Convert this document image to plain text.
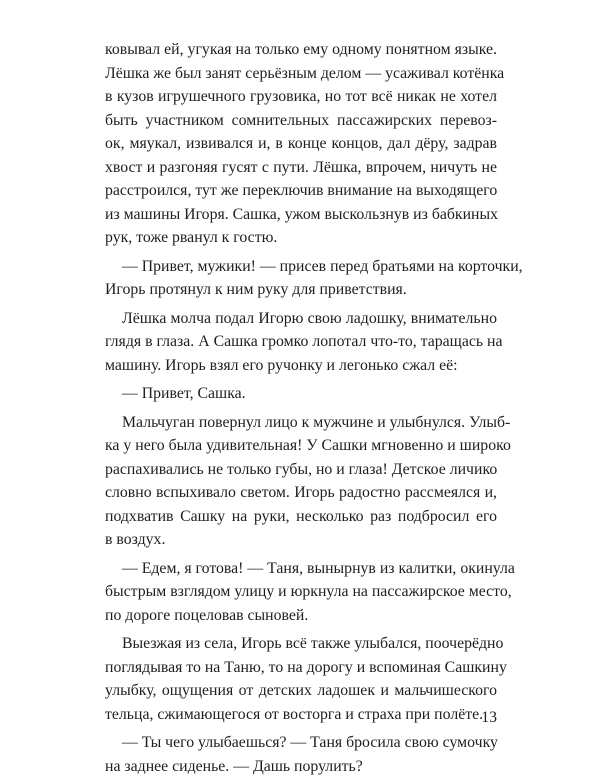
ковывал ей, угукая на только ему одному понятном языке.
Лёшка же был занят серьёзным делом — усаживал котёнка
в кузов игрушечного грузовика, но тот всё никак не хотел
быть участником сомнительных пассажирских перевоз-
ок, мяукал, извивался и, в конце концов, дал дёру, задрав
хвост и разгоняя гусят с пути. Лёшка, впрочем, ничуть не
расстроился, тут же переключив внимание на выходящего
из машины Игоря. Сашка, ужом выскользнув из бабкиных
рук, тоже рванул к гостю.
— Привет, мужики! — присев перед братьями на корточки,
Игорь протянул к ним руку для приветствия.
Лёшка молча подал Игорю свою ладошку, внимательно
глядя в глаза. А Сашка громко лопотал что-то, таращась на
машину. Игорь взял его ручонку и легонько сжал её:
— Привет, Сашка.
Мальчуган повернул лицо к мужчине и улыбнулся. Улыб-
ка у него была удивительная! У Сашки мгновенно и широко
распахивались не только губы, но и глаза! Детское личико
словно вспыхивало светом. Игорь радостно рассмеялся и,
подхватив Сашку на руки, несколько раз подбросил его
в воздух.
— Едем, я готова! — Таня, вынырнув из калитки, окинула
быстрым взглядом улицу и юркнула на пассажирское место,
по дороге поцеловав сыновей.
Выезжая из села, Игорь всё также улыбался, поочерёдно
поглядывая то на Таню, то на дорогу и вспоминая Сашкину
улыбку, ощущения от детских ладошек и мальчишеского
тельца, сжимающегося от восторга и страха при полёте.
— Ты чего улыбаешься? — Таня бросила свою сумочку
на заднее сиденье. — Дашь порулить?
13
